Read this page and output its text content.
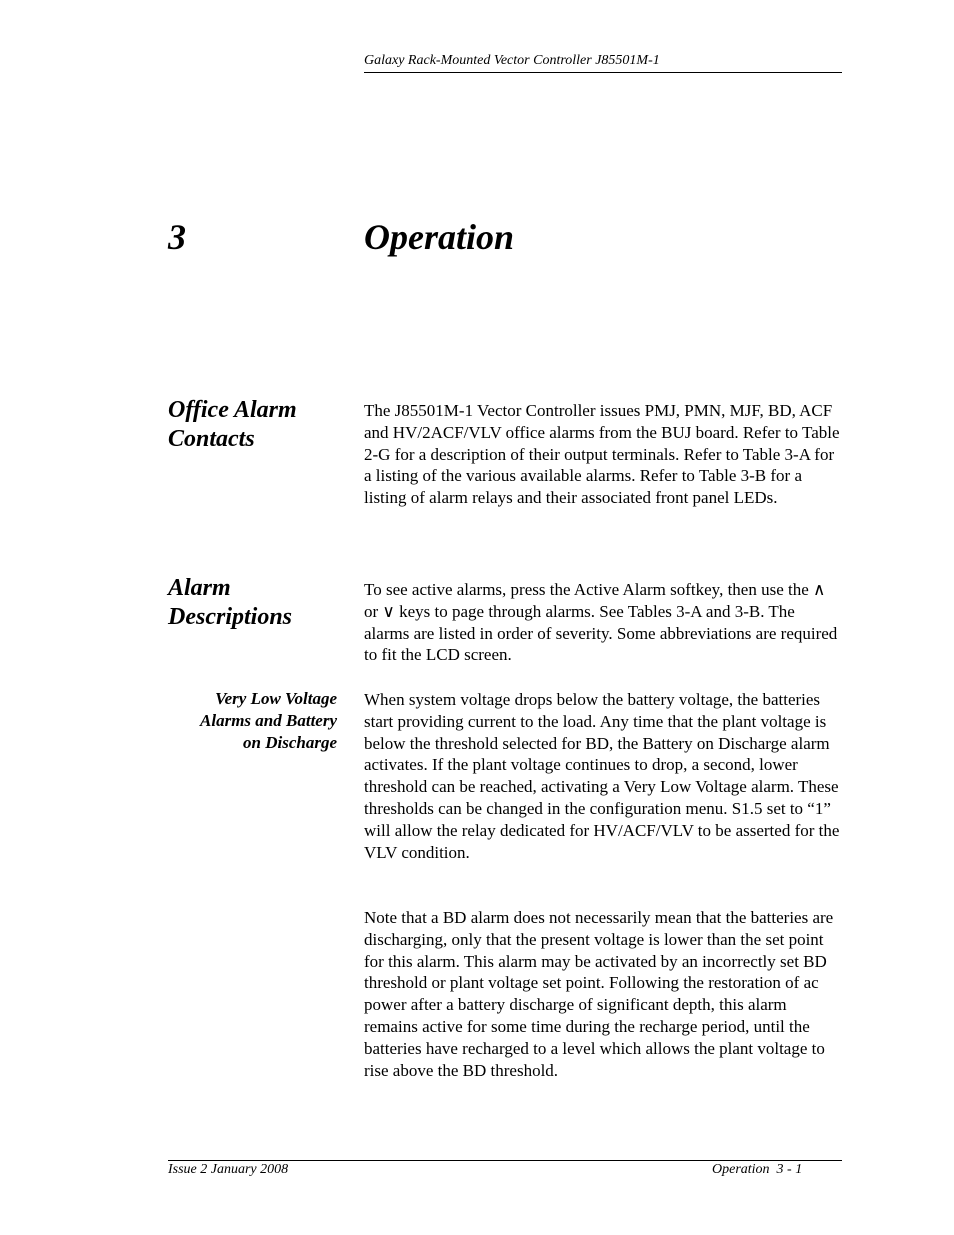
Galaxy Rack-Mounted Vector Controller J85501M-1
3	Operation
Office Alarm
Contacts
The J85501M-1 Vector Controller issues PMJ, PMN, MJF, BD, ACF and HV/2ACF/VLV office alarms from the BUJ board. Refer to Table 2-G for a description of their output terminals. Refer to Table 3-A for a listing of the various available alarms. Refer to Table 3-B for a listing of alarm relays and their associated front panel LEDs.
Alarm
Descriptions
To see active alarms, press the Active Alarm softkey, then use the ∧ or ∨ keys to page through alarms. See Tables 3-A and 3-B. The alarms are listed in order of severity. Some abbreviations are required to fit the LCD screen.
Very Low Voltage
Alarms and Battery
on Discharge
When system voltage drops below the battery voltage, the batteries start providing current to the load. Any time that the plant voltage is below the threshold selected for BD, the Battery on Discharge alarm activates. If the plant voltage continues to drop, a second, lower threshold can be reached, activating a Very Low Voltage alarm. These thresholds can be changed in the configuration menu. S1.5 set to “1” will allow the relay dedicated for HV/ACF/VLV to be asserted for the VLV condition.
Note that a BD alarm does not necessarily mean that the batteries are discharging, only that the present voltage is lower than the set point for this alarm. This alarm may be activated by an incorrectly set BD threshold or plant voltage set point. Following the restoration of ac power after a battery discharge of significant depth, this alarm remains active for some time during the recharge period, until the batteries have recharged to a level which allows the plant voltage to rise above the BD threshold.
Issue 2 January 2008	Operation  3 - 1
